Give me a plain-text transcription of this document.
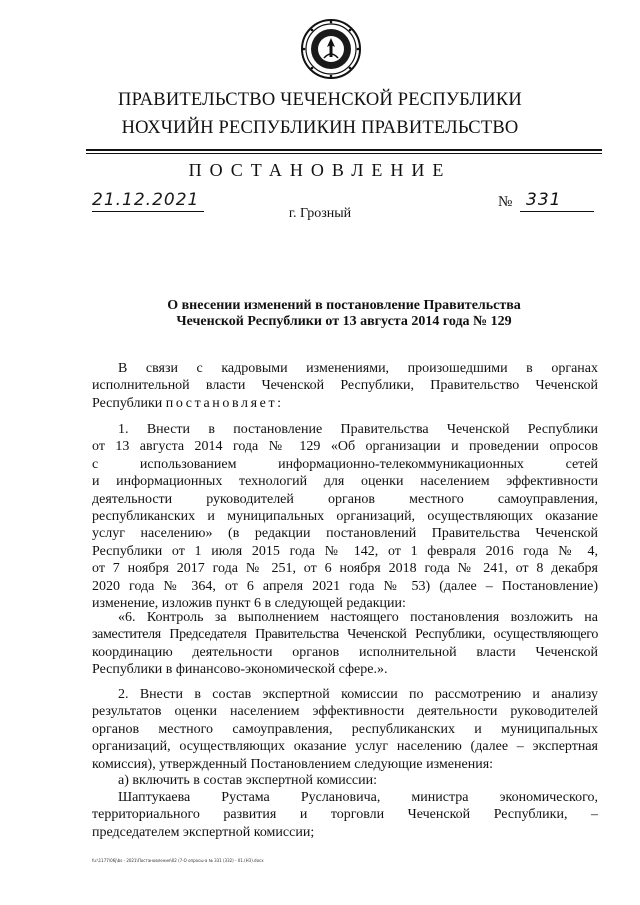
ПРАВИТЕЛЬСТВО ЧЕЧЕНСКОЙ РЕСПУБЛИКИ
НОХЧИЙН РЕСПУБЛИКИН ПРАВИТЕЛЬСТВО
ПОСТАНОВЛЕНИЕ
21.12.2021	№ 331
г. Грозный
О внесении изменений в постановление Правительства
Чеченской Республики от 13 августа 2014 года № 129
В связи с кадровыми изменениями, произошедшими в органах
исполнительной власти Чеченской Республики, Правительство Чеченской
Республики постановляет:
1. Внести в постановление Правительства Чеченской Республики
от 13 августа 2014 года № 129 «Об организации и проведении опросов
с использованием информационно-телекоммуникационных сетей
и информационных технологий для оценки населением эффективности
деятельности руководителей органов местного самоуправления,
республиканских и муниципальных организаций, осуществляющих оказание
услуг населению» (в редакции постановлений Правительства Чеченской
Республики от 1 июля 2015 года № 142, от 1 февраля 2016 года № 4,
от 7 ноября 2017 года № 251, от 6 ноября 2018 года № 241, от 8 декабря
2020 года № 364, от 6 апреля 2021 года № 53) (далее – Постановление)
изменение, изложив пункт 6 в следующей редакции:
«6. Контроль за выполнением настоящего постановления возложить на
заместителя Председателя Правительства Чеченской Республики, осуществляющего
координацию деятельности органов исполнительной власти Чеченской
Республики в финансово-экономической сфере.».
2. Внести в состав экспертной комиссии по рассмотрению и анализу
результатов оценки населением эффективности деятельности руководителей
органов местного самоуправления, республиканских и муниципальных
организаций, осуществляющих оказание услуг населению (далее – экспертная
комиссия), утвержденный Постановлением следующие изменения:
а) включить в состав экспертной комиссии:
Шаптукаева Рустама Руслановича, министра экономического,
территориального развития и торговли Чеченской Республики, –
председателем экспертной комиссии;
fu:\1177\06j\bs - 2021\Постановление\02 (7-О опросы-а № 331 (332) - 01.(НЗ).docx
